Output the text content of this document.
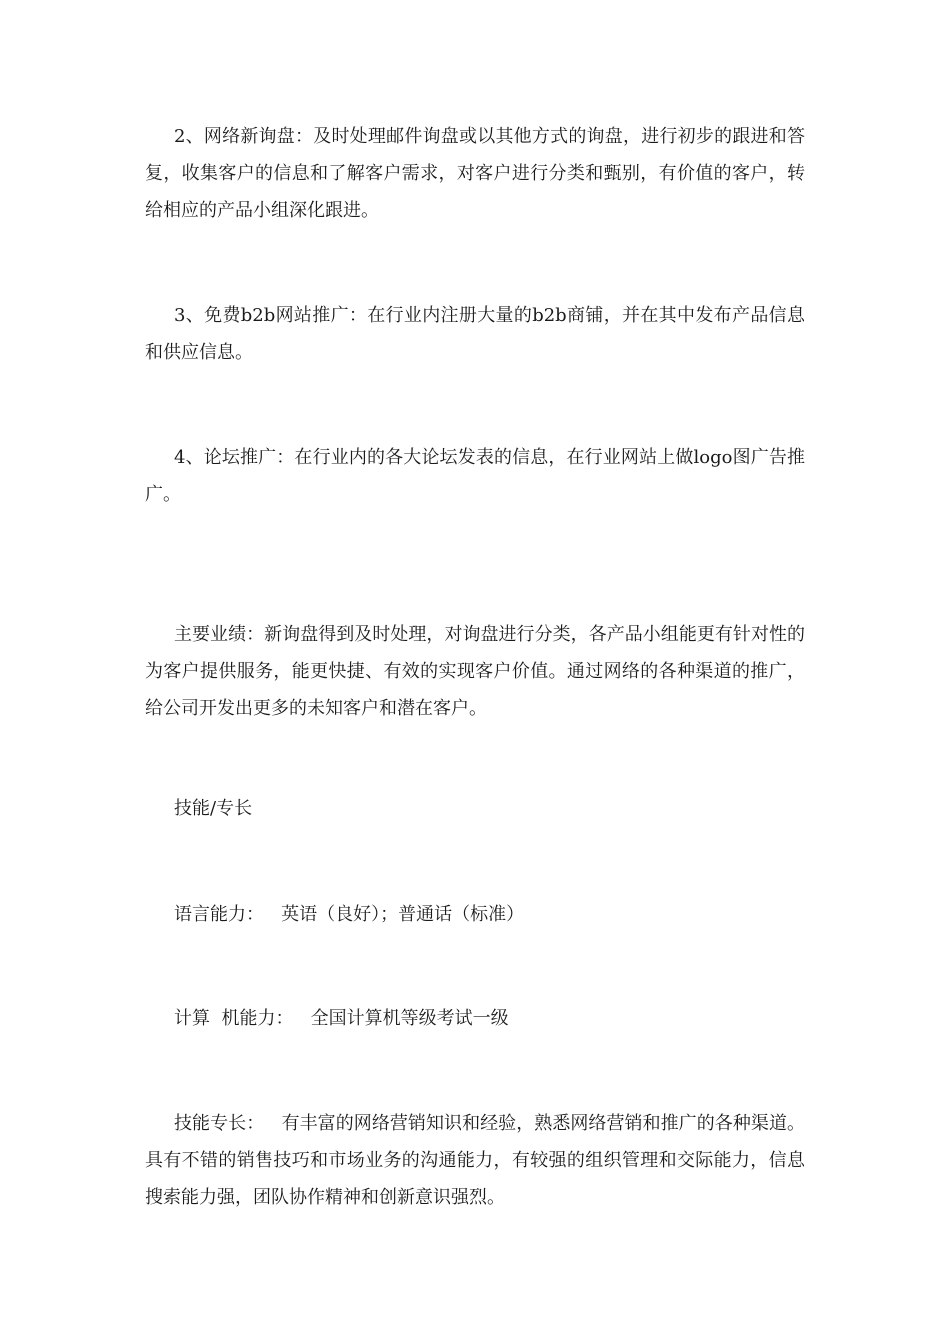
2、网络新询盘：及时处理邮件询盘或以其他方式的询盘，进行初步的跟进和答复，收集客户的信息和了解客户需求，对客户进行分类和甄别，有价值的客户，转给相应的产品小组深化跟进。

3、免费b2b网站推广：在行业内注册大量的b2b商铺，并在其中发布产品信息和供应信息。

4、论坛推广：在行业内的各大论坛发表的信息，在行业网站上做logo图广告推广。

主要业绩：新询盘得到及时处理，对询盘进行分类，各产品小组能更有针对性的为客户提供服务，能更快捷、有效的实现客户价值。通过网络的各种渠道的推广，给公司开发出更多的未知客户和潜在客户。

技能/专长

语言能力：   英语（良好）；普通话（标准）

计算  机能力：   全国计算机等级考试一级

技能专长：   有丰富的网络营销知识和经验，熟悉网络营销和推广的各种渠道。具有不错的销售技巧和市场业务的沟通能力，有较强的组织管理和交际能力，信息搜索能力强，团队协作精神和创新意识强烈。
